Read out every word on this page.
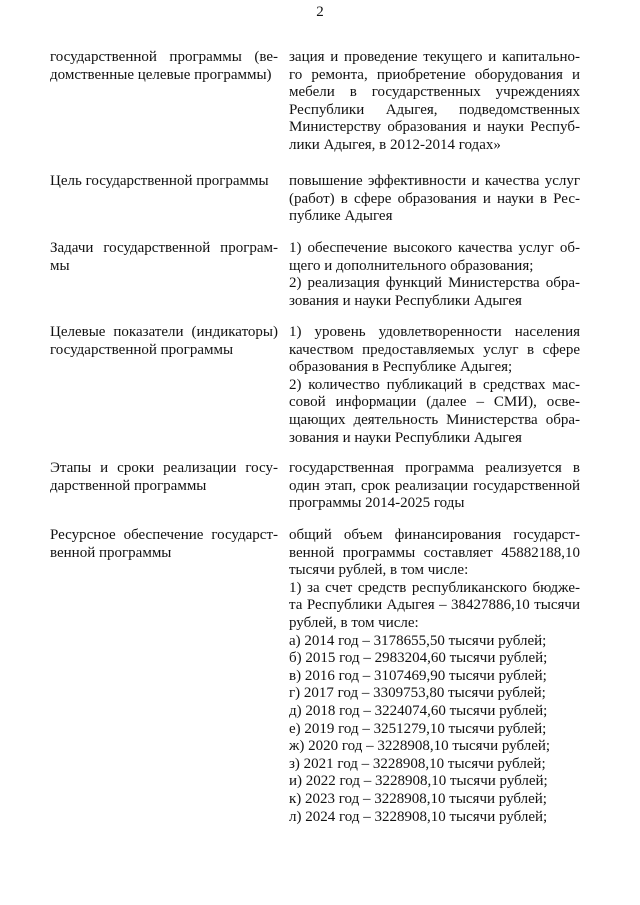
2
государственной программы (ве-
домственные целевые программы)
зация и проведение текущего и капитально-
го ремонта, приобретение оборудования и
мебели в государственных учреждениях
Республики Адыгея, подведомственных
Министерству образования и науки Респуб-
лики Адыгея, в 2012-2014 годах»
Цель государственной программы	повышение эффективности и качества услуг
(работ) в сфере образования и науки в Рес-
публике Адыгея
Задачи государственной програм-
мы
1) обеспечение высокого качества услуг об-
щего и дополнительного образования;
2) реализация функций Министерства обра-
зования и науки Республики Адыгея
Целевые показатели (индикаторы)
государственной программы
1) уровень удовлетворенности населения
качеством предоставляемых услуг в сфере
образования в Республике Адыгея;
2) количество публикаций в средствах мас-
совой информации (далее – СМИ), осве-
щающих деятельность Министерства обра-
зования и науки Республики Адыгея
Этапы и сроки реализации госу-
дарственной программы
государственная программа реализуется в
один этап, срок реализации государственной
программы 2014-2025 годы
Ресурсное обеспечение государст-
венной программы
общий объем финансирования государст-
венной программы составляет 45882188,10
тысячи рублей, в том числе:
1) за счет средств республиканского бюдже-
та Республики Адыгея – 38427886,10 тысячи
рублей, в том числе:
а) 2014 год – 3178655,50 тысячи рублей;
б) 2015 год – 2983204,60 тысячи рублей;
в) 2016 год – 3107469,90 тысячи рублей;
г) 2017 год – 3309753,80 тысячи рублей;
д) 2018 год – 3224074,60 тысячи рублей;
е) 2019 год – 3251279,10 тысячи рублей;
ж) 2020 год – 3228908,10 тысячи рублей;
з) 2021 год – 3228908,10 тысячи рублей;
и) 2022 год – 3228908,10 тысячи рублей;
к) 2023 год – 3228908,10 тысячи рублей;
л) 2024 год – 3228908,10 тысячи рублей;
